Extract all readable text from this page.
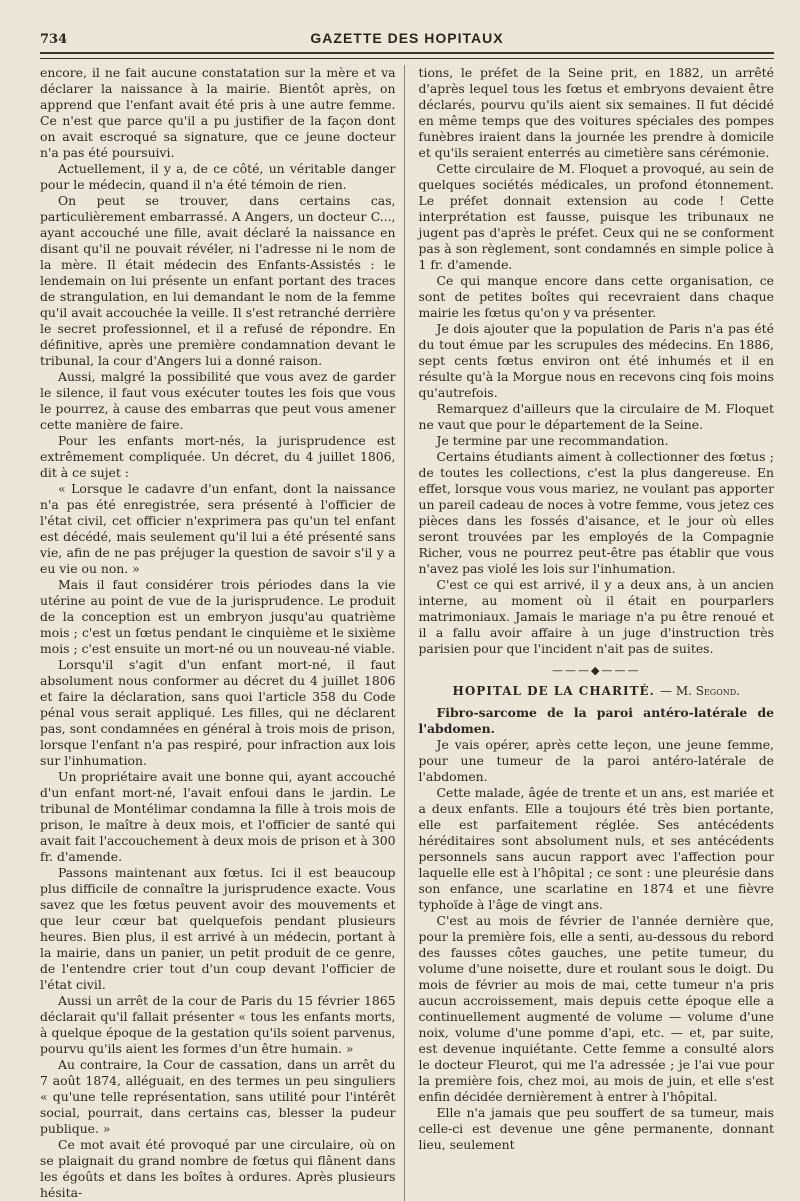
734	GAZETTE DES HOPITAUX

encore, il ne fait aucune constatation sur la mère et va déclarer la naissance à la mairie. Bientôt après, on apprend que l'enfant avait été pris à une autre femme. Ce n'est que parce qu'il a pu justifier de la façon dont on avait escroqué sa signature, que ce jeune docteur n'a pas été poursuivi.

Actuellement, il y a, de ce côté, un véritable danger pour le médecin, quand il n'a été témoin de rien.

On peut se trouver, dans certains cas, particulièrement embarrassé. A Angers, un docteur C..., ayant accouché une fille, avait déclaré la naissance en disant qu'il ne pouvait révéler, ni l'adresse ni le nom de la mère. Il était médecin des Enfants-Assistés : le lendemain on lui présente un enfant portant des traces de strangulation, en lui demandant le nom de la femme qu'il avait accouchée la veille. Il s'est retranché derrière le secret professionnel, et il a refusé de répondre. En définitive, après une première condamnation devant le tribunal, la cour d'Angers lui a donné raison.

Aussi, malgré la possibilité que vous avez de garder le silence, il faut vous exécuter toutes les fois que vous le pourrez, à cause des embarras que peut vous amener cette manière de faire.

Pour les enfants mort-nés, la jurisprudence est extrêmement compliquée. Un décret, du 4 juillet 1806, dit à ce sujet :

« Lorsque le cadavre d'un enfant, dont la naissance n'a pas été enregistrée, sera présenté à l'officier de l'état civil, cet officier n'exprimera pas qu'un tel enfant est décédé, mais seulement qu'il lui a été présenté sans vie, afin de ne pas préjuger la question de savoir s'il y a eu vie ou non. »

Mais il faut considérer trois périodes dans la vie utérine au point de vue de la jurisprudence. Le produit de la conception est un embryon jusqu'au quatrième mois ; c'est un fœtus pendant le cinquième et le sixième mois ; c'est ensuite un mort-né ou un nouveau-né viable.

Lorsqu'il s'agit d'un enfant mort-né, il faut absolument nous conformer au décret du 4 juillet 1806 et faire la déclaration, sans quoi l'article 358 du Code pénal vous serait appliqué. Les filles, qui ne déclarent pas, sont condamnées en général à trois mois de prison, lorsque l'enfant n'a pas respiré, pour infraction aux lois sur l'inhumation.

Un propriétaire avait une bonne qui, ayant accouché d'un enfant mort-né, l'avait enfoui dans le jardin. Le tribunal de Montélimar condamna la fille à trois mois de prison, le maître à deux mois, et l'officier de santé qui avait fait l'accouchement à deux mois de prison et à 300 fr. d'amende.

Passons maintenant aux fœtus. Ici il est beaucoup plus difficile de connaître la jurisprudence exacte. Vous savez que les fœtus peuvent avoir des mouvements et que leur cœur bat quelquefois pendant plusieurs heures. Bien plus, il est arrivé à un médecin, portant à la mairie, dans un panier, un petit produit de ce genre, de l'entendre crier tout d'un coup devant l'officier de l'état civil.

Aussi un arrêt de la cour de Paris du 15 février 1865 déclarait qu'il fallait présenter « tous les enfants morts, à quelque époque de la gestation qu'ils soient parvenus, pourvu qu'ils aient les formes d'un être humain. »

Au contraire, la Cour de cassation, dans un arrêt du 7 août 1874, alléguait, en des termes un peu singuliers « qu'une telle représentation, sans utilité pour l'intérêt social, pourrait, dans certains cas, blesser la pudeur publique. »

Ce mot avait été provoqué par une circulaire, où on se plaignait du grand nombre de fœtus qui flânent dans les égoûts et dans les boîtes à ordures. Après plusieurs hésita-

tions, le préfet de la Seine prit, en 1882, un arrêté d'après lequel tous les fœtus et embryons devaient être déclarés, pourvu qu'ils aient six semaines. Il fut décidé en même temps que des voitures spéciales des pompes funèbres iraient dans la journée les prendre à domicile et qu'ils seraient enterrés au cimetière sans cérémonie.

Cette circulaire de M. Floquet a provoqué, au sein de quelques sociétés médicales, un profond étonnement. Le préfet donnait extension au code ! Cette interprétation est fausse, puisque les tribunaux ne jugent pas d'après le préfet. Ceux qui ne se conforment pas à son règlement, sont condamnés en simple police à 1 fr. d'amende.

Ce qui manque encore dans cette organisation, ce sont de petites boîtes qui recevraient dans chaque mairie les fœtus qu'on y va présenter.

Je dois ajouter que la population de Paris n'a pas été du tout émue par les scrupules des médecins. En 1886, sept cents fœtus environ ont été inhumés et il en résulte qu'à la Morgue nous en recevons cinq fois moins qu'autrefois.

Remarquez d'ailleurs que la circulaire de M. Floquet ne vaut que pour le département de la Seine.

Je termine par une recommandation.

Certains étudiants aiment à collectionner des fœtus ; de toutes les collections, c'est la plus dangereuse. En effet, lorsque vous vous mariez, ne voulant pas apporter un pareil cadeau de noces à votre femme, vous jetez ces pièces dans les fossés d'aisance, et le jour où elles seront trouvées par les employés de la Compagnie Richer, vous ne pourrez peut-être pas établir que vous n'avez pas violé les lois sur l'inhumation.

C'est ce qui est arrivé, il y a deux ans, à un ancien interne, au moment où il était en pourparlers matrimoniaux. Jamais le mariage n'a pu être renoué et il a fallu avoir affaire à un juge d'instruction très parisien pour que l'incident n'ait pas de suites.

———◆———
HOPITAL DE LA CHARITÉ. — M. Segond.

Fibro-sarcome de la paroi antéro-latérale de l'abdomen.

Je vais opérer, après cette leçon, une jeune femme, pour une tumeur de la paroi antéro-latérale de l'abdomen.

Cette malade, âgée de trente et un ans, est mariée et a deux enfants. Elle a toujours été très bien portante, elle est parfaitement réglée. Ses antécédents héréditaires sont absolument nuls, et ses antécédents personnels sans aucun rapport avec l'affection pour laquelle elle est à l'hôpital ; ce sont : une pleurésie dans son enfance, une scarlatine en 1874 et une fièvre typhoïde à l'âge de vingt ans.

C'est au mois de février de l'année dernière que, pour la première fois, elle a senti, au-dessous du rebord des fausses côtes gauches, une petite tumeur, du volume d'une noisette, dure et roulant sous le doigt. Du mois de février au mois de mai, cette tumeur n'a pris aucun accroissement, mais depuis cette époque elle a continuellement augmenté de volume — volume d'une noix, volume d'une pomme d'api, etc. — et, par suite, est devenue inquiétante. Cette femme a consulté alors le docteur Fleurot, qui me l'a adressée ; je l'ai vue pour la première fois, chez moi, au mois de juin, et elle s'est enfin décidée dernièrement à entrer à l'hôpital.

Elle n'a jamais que peu souffert de sa tumeur, mais celle-ci est devenue une gêne permanente, donnant lieu, seulement
